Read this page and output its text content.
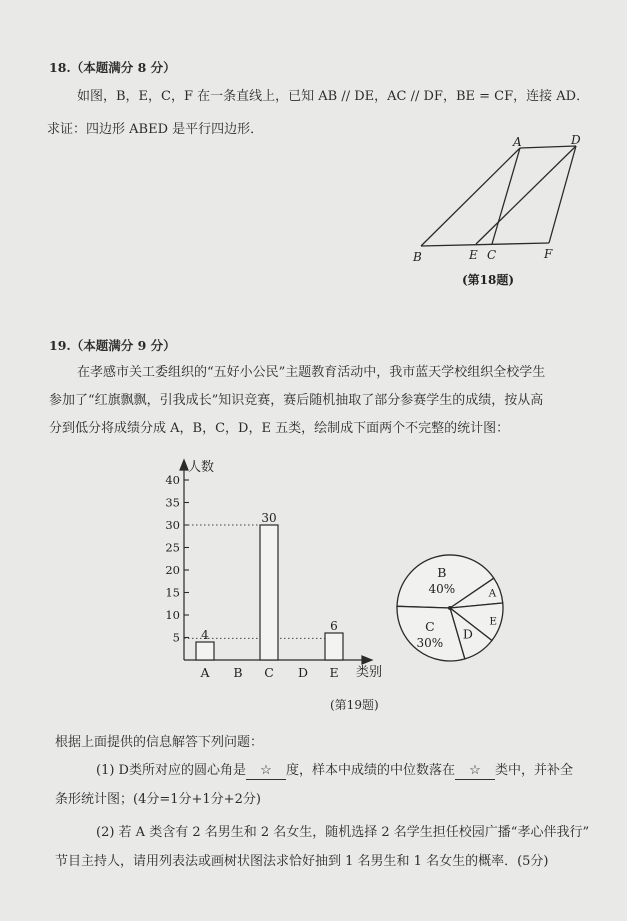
18.（本题满分 8 分）
如图，B，E，C，F 在一条直线上，已知 AB // DE，AC // DF，BE = CF，连接 AD．
求证：四边形 ABED 是平行四边形．
A	D
B	E C	F
(第18题)
19.（本题满分 9 分）
在孝感市关工委组织的“五好小公民”主题教育活动中，我市蓝天学校组织全校学生
参加了“红旗飘飘，引我成长”知识竞赛，赛后随机抽取了部分参赛学生的成绩，按从高
分到低分将成绩分成 A，B，C，D，E 五类，绘制成下面两个不完整的统计图：
人数
类别
5
10
15
20
25
30
35
40
4
30
6
A B C D E
B
40%	A
E
D
C
30%
(第19题)
根据上面提供的信息解答下列问题：
(1) D类所对应的圆心角是 ☆ 度，样本中成绩的中位数落在 ☆ 类中，并补全
条形统计图；(4分=1分+1分+2分)
(2) 若 A 类含有 2 名男生和 2 名女生，随机选择 2 名学生担任校园广播“孝心伴我行”
节目主持人，请用列表法或画树状图法求恰好抽到 1 名男生和 1 名女生的概率．(5分)
